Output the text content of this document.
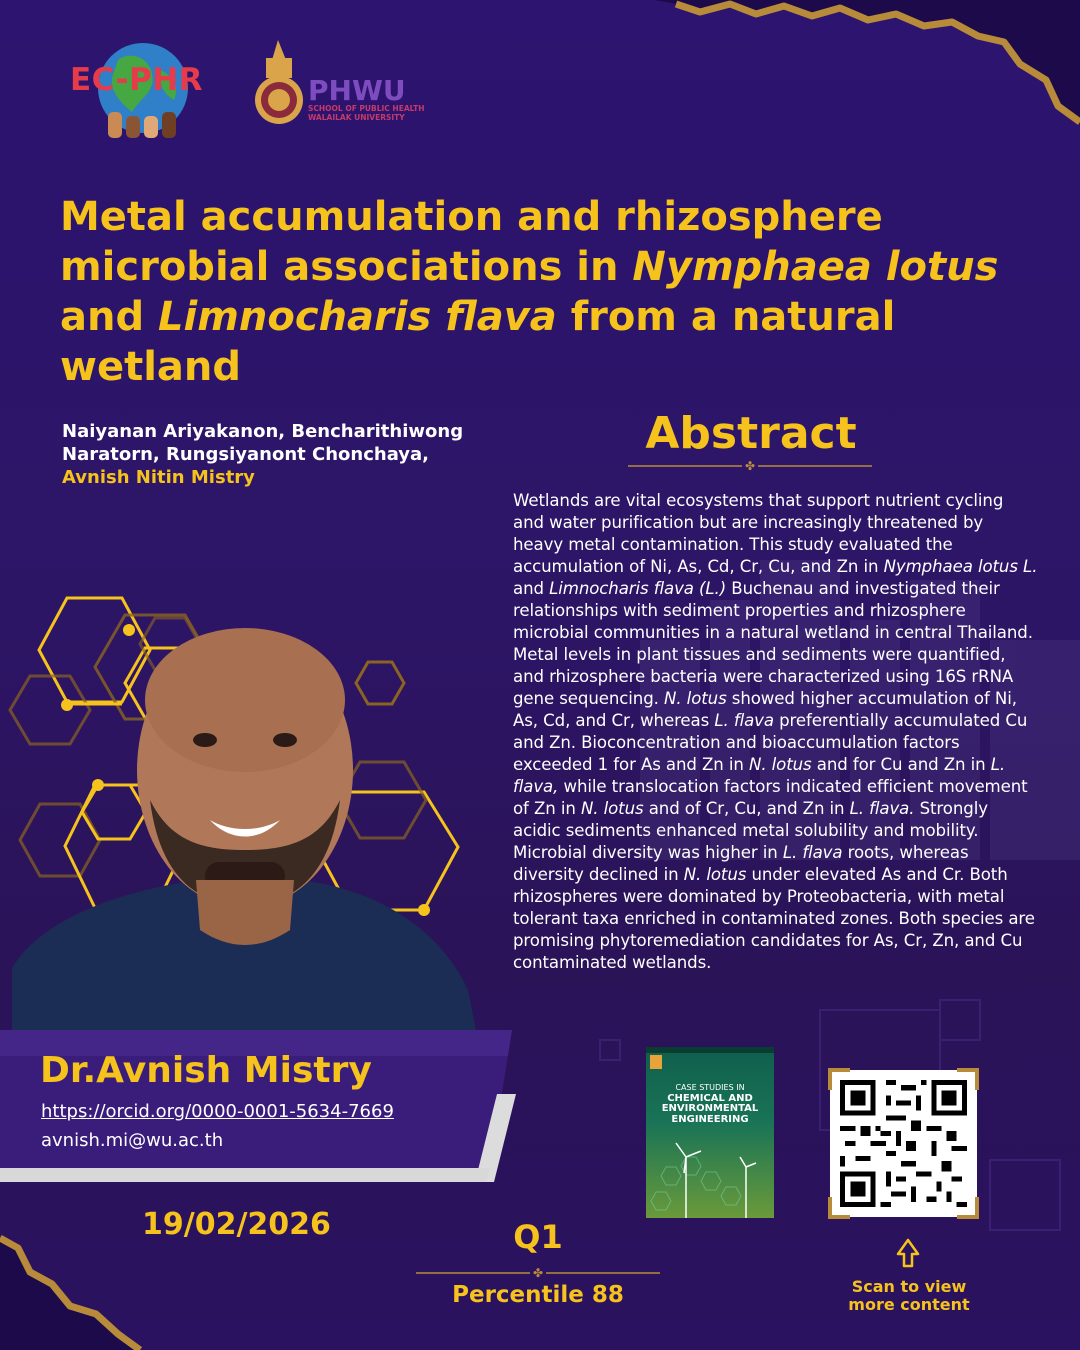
✤
✤
EC-PHR	PHWU
SCHOOL OF PUBLIC HEALTH
WALAILAK UNIVERSITY
Metal accumulation and rhizosphere microbial associations in Nymphaea lotus and Limnocharis flava from a natural wetland
Naiyanan Ariyakanon, Bencharithiwong
Naratorn, Rungsiyanont Chonchaya,
Avnish Nitin Mistry
Abstract
Wetlands are vital ecosystems that support nutrient cycling and water purification but are increasingly threatened by heavy metal contamination. This study evaluated the accumulation of Ni, As, Cd, Cr, Cu, and Zn in Nymphaea lotus L. and Limnocharis flava (L.) Buchenau and investigated their relationships with sediment properties and rhizosphere microbial communities in a natural wetland in central Thailand. Metal levels in plant tissues and sediments were quantified, and rhizosphere bacteria were characterized using 16S rRNA gene sequencing. N. lotus showed higher accumulation of Ni, As, Cd, and Cr, whereas L. flava preferentially accumulated Cu and Zn. Bioconcentration and bioaccumulation factors exceeded 1 for As and Zn in N. lotus and for Cu and Zn in L. flava, while translocation factors indicated efficient movement of Zn in N. lotus and of Cr, Cu, and Zn in L. flava. Strongly acidic sediments enhanced metal solubility and mobility. Microbial diversity was higher in L. flava roots, whereas diversity declined in N. lotus under elevated As and Cr. Both rhizospheres were dominated by Proteobacteria, with metal tolerant taxa enriched in contaminated zones. Both species are promising phytoremediation candidates for As, Cr, Zn, and Cu contaminated wetlands.
Dr.Avnish Mistry
https://orcid.org/0000-0001-5634-7669
avnish.mi@wu.ac.th
19/02/2026
CASE STUDIES IN
CHEMICAL AND
ENVIRONMENTAL
ENGINEERING
Q1
Percentile 88	Scan to view
more content
